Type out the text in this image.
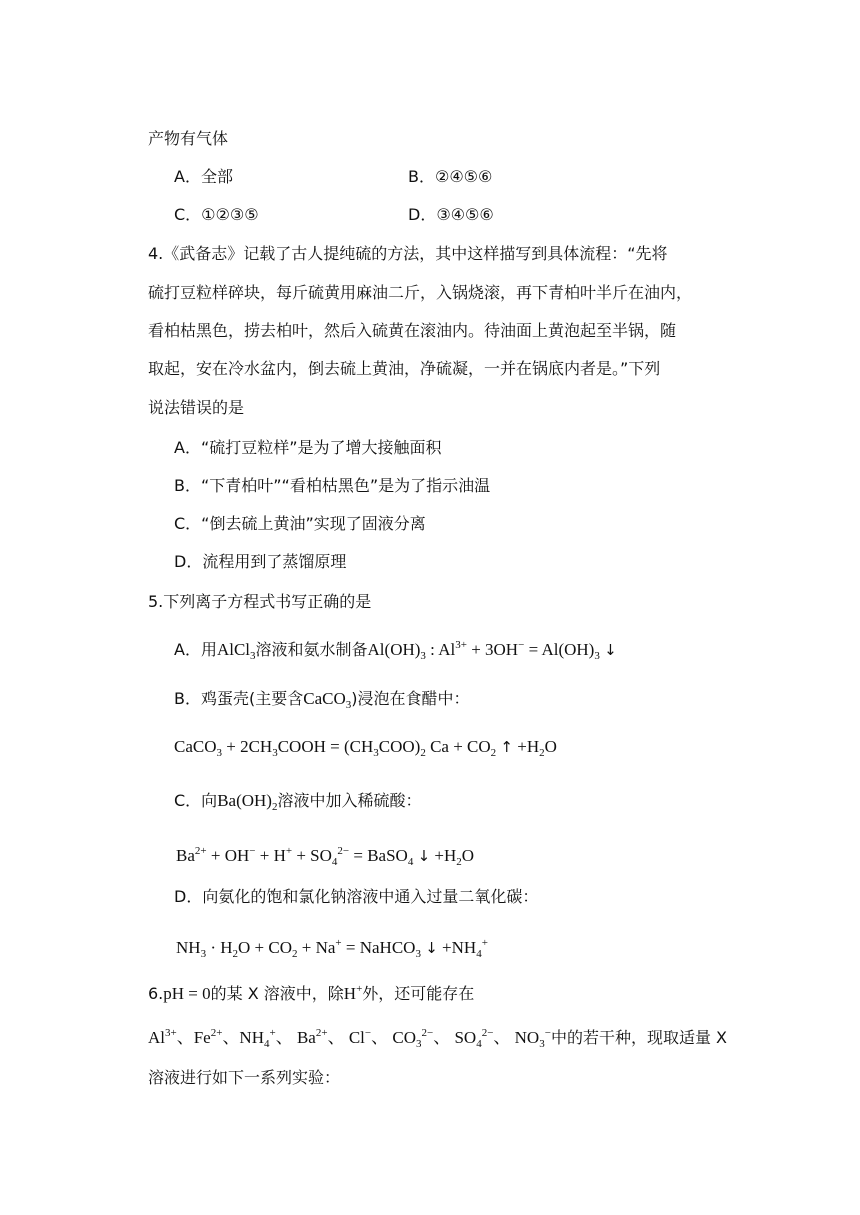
产物有气体
A．全部	B．②④⑤⑥
C．①②③⑤	D．③④⑤⑥
4.《武备志》记载了古人提纯硫的方法，其中这样描写到具体流程：“先将
硫打豆粒样碎块，每斤硫黄用麻油二斤，入锅烧滚，再下青柏叶半斤在油内，
看柏枯黑色，捞去柏叶，然后入硫黄在滚油内。待油面上黄泡起至半锅，随
取起，安在冷水盆内，倒去硫上黄油，净硫凝，一并在锅底内者是。”下列
说法错误的是
A．“硫打豆粒样”是为了增大接触面积
B．“下青柏叶”“看柏枯黑色”是为了指示油温
C．“倒去硫上黄油”实现了固液分离
D．流程用到了蒸馏原理
5.下列离子方程式书写正确的是
A．用AlCl$_3$溶液和氨水制备$Al(OH)_3$ : $Al^{3+} + 3OH^- = Al(OH)_3$ ↓
B．鸡蛋壳(主要含CaCO$_3$)浸泡在食醋中：
CaCO$_3$ + $2CH_3COOH = (CH_3COO)_2$ $Ca + CO_2$ ↑ $+H_2O$
C．向$Ba(OH)_2$溶液中加入稀硫酸：
$Ba^{2+} + OH^- + H^+ + SO_4^{2-}$ = BaSO$_4$ ↓ $+H_2O$
D．向氨化的饱和氯化钠溶液中通入过量二氧化碳：
$NH_3 \cdot H_2O + CO_2 + Na^+$ = NaHCO$_3$ ↓ $+NH_4^+$
6.pH = 0的某 X 溶液中，除H+外，还可能存在
$Al^{3+}$、$Fe^{2+}$、$NH_4^+$、 $Ba^{2+}$、 Cl−、 $CO_3^{2-}$、 $SO_4^{2-}$、 $NO_3^-$中的若干种，现取适量 X
溶液进行如下一系列实验：
